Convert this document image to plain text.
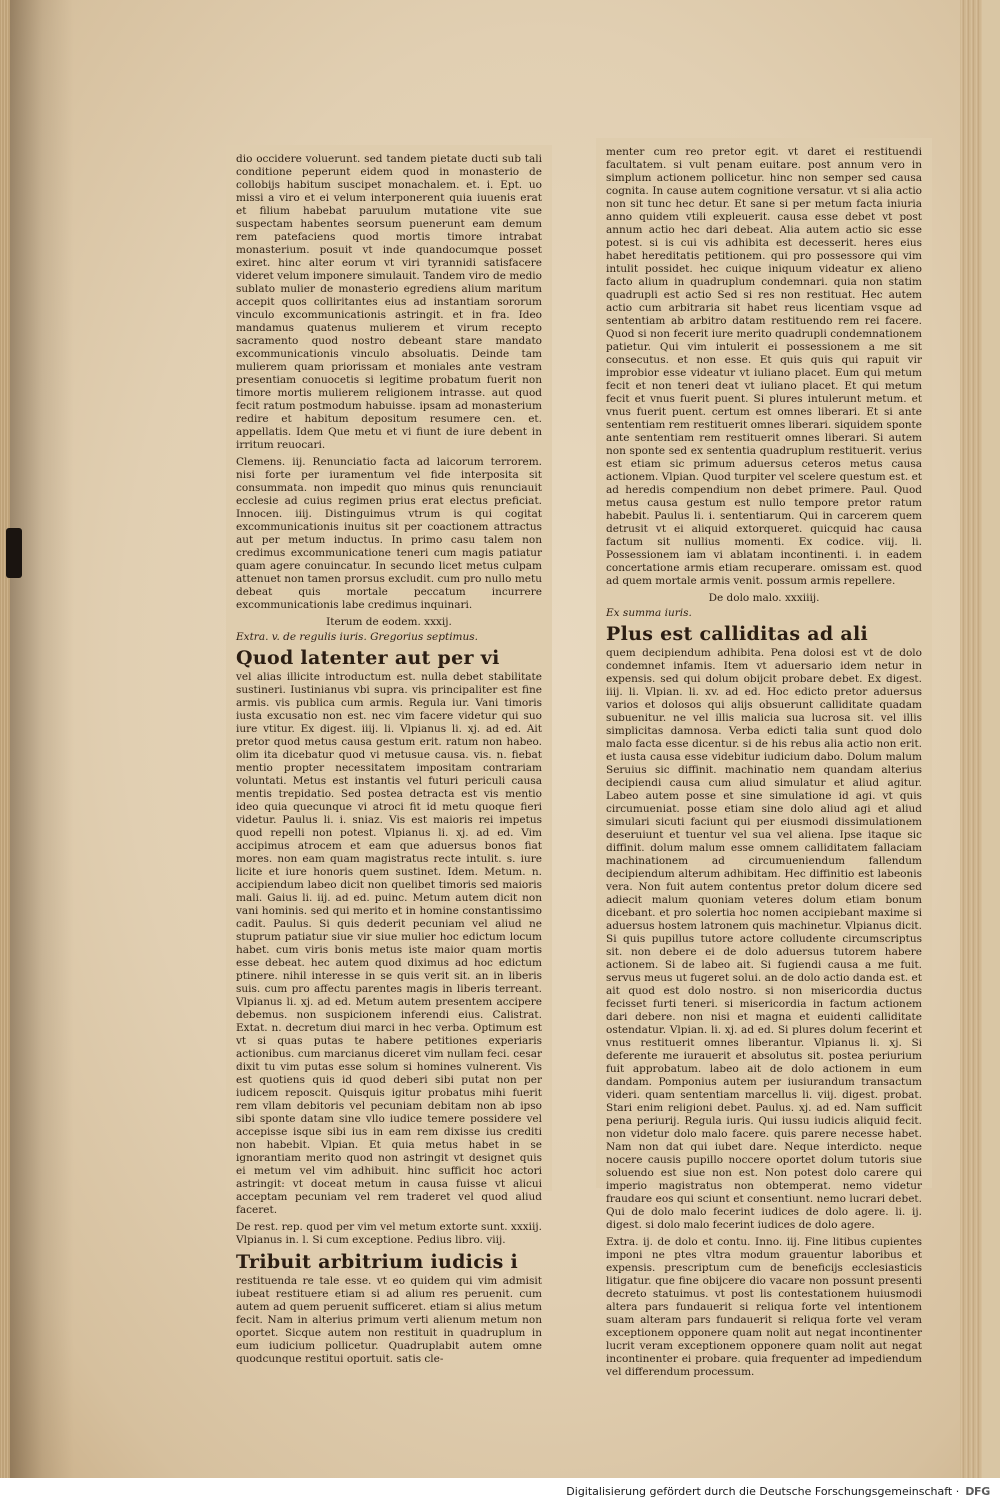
dio occidere voluerunt. sed tandem pietate ducti sub tali conditione peperunt eidem quod in monasterio de collobijs habitum suscipet monachalem. et. i. Ept. uo missi a viro et ei velum interponerent quia iuuenis erat et filium habebat paruulum mutatione vite sue suspectam habentes seorsum puenerunt eam demum rem patefaciens quod mortis timore intrabat monasterium. posuit vt inde quandocumque posset exiret. hinc alter eorum vt viri tyrannidi satisfacere videret velum imponere simulauit. Tandem viro de medio sublato mulier de monasterio egrediens alium maritum accepit quos colliritantes eius ad instantiam sororum vinculo excommunicationis astringit. et in fra. Ideo mandamus quatenus mulierem et virum recepto sacramento quod nostro debeant stare mandato excommunicationis vinculo absoluatis. Deinde tam mulierem quam priorissam et moniales ante vestram presentiam conuocetis si legitime probatum fuerit non timore mortis mulierem religionem intrasse. aut quod fecit ratum postmodum habuisse. ipsam ad monasterium redire et habitum depositum resumere cen. et. appellatis. Idem Que metu et vi fiunt de iure debent in irritum reuocari.
Clemens. iij. Renunciatio facta ad laicorum terrorem. nisi forte per iuramentum vel fide interposita sit consummata. non impedit quo minus quis renunciauit ecclesie ad cuius regimen prius erat electus preficiat. Innocen. iiij. Distinguimus vtrum is qui cogitat excommunicationis inuitus sit per coactionem attractus aut per metum inductus. In primo casu talem non credimus excommunicatione teneri cum magis patiatur quam agere conuincatur. In secundo licet metus culpam attenuet non tamen prorsus excludit. cum pro nullo metu debeat quis mortale peccatum incurrere excommunicationis labe credimus inquinari.
Iterum de eodem. xxxij.
Extra. v. de regulis iuris. Gregorius septimus.
Quod latenter aut per vi
vel alias illicite introductum est. nulla debet stabilitate sustineri. Iustinianus vbi supra. vis principaliter est fine armis. vis publica cum armis. Regula iur. Vani timoris iusta excusatio non est. nec vim facere videtur qui suo iure vtitur. Ex digest. iiij. li. Vlpianus li. xj. ad ed. Ait pretor quod metus causa gestum erit. ratum non habeo. olim ita dicebatur quod vi metusue causa. vis. n. fiebat mentio propter necessitatem impositam contrariam voluntati. Metus est instantis vel futuri periculi causa mentis trepidatio. Sed postea detracta est vis mentio ideo quia quecunque vi atroci fit id metu quoque fieri videtur. Paulus li. i. sniaz. Vis est maioris rei impetus quod repelli non potest. Vlpianus li. xj. ad ed. Vim accipimus atrocem et eam que aduersus bonos fiat mores. non eam quam magistratus recte intulit. s. iure licite et iure honoris quem sustinet. Idem. Metum. n. accipiendum labeo dicit non quelibet timoris sed maioris mali. Gaius li. iij. ad ed. puinc. Metum autem dicit non vani hominis. sed qui merito et in homine constantissimo cadit. Paulus. Si quis dederit pecuniam vel aliud ne stuprum patiatur siue vir siue mulier hoc edictum locum habet. cum viris bonis metus iste maior quam mortis esse debeat. hec autem quod diximus ad hoc edictum ptinere. nihil interesse in se quis verit sit. an in liberis suis. cum pro affectu parentes magis in liberis terreant. Vlpianus li. xj. ad ed. Metum autem presentem accipere debemus. non suspicionem inferendi eius. Calistrat. Extat. n. decretum diui marci in hec verba. Optimum est vt si quas putas te habere petitiones experiaris actionibus. cum marcianus diceret vim nullam feci. cesar dixit tu vim putas esse solum si homines vulnerent. Vis est quotiens quis id quod deberi sibi putat non per iudicem reposcit. Quisquis igitur probatus mihi fuerit rem vllam debitoris vel pecuniam debitam non ab ipso sibi sponte datam sine vllo iudice temere possidere vel accepisse isque sibi ius in eam rem dixisse ius crediti non habebit. Vlpian. Et quia metus habet in se ignorantiam merito quod non astringit vt designet quis ei metum vel vim adhibuit. hinc sufficit hoc actori astringit: vt doceat metum in causa fuisse vt alicui acceptam pecuniam vel rem traderet vel quod aliud faceret.
De rest. rep. quod per vim vel metum extorte sunt. xxxiij. Vlpianus in. l. Si cum exceptione. Pedius libro. viij.
Tribuit arbitrium iudicis i
restituenda re tale esse. vt eo quidem qui vim admisit iubeat restituere etiam si ad alium res peruenit. cum autem ad quem peruenit sufficeret. etiam si alius metum fecit. Nam in alterius primum verti alienum metum non oportet. Sicque autem non restituit in quadruplum in eum iudicium pollicetur. Quadruplabit autem omne quodcunque restitui oportuit. satis cle-
menter cum reo pretor egit. vt daret ei restituendi facultatem. si vult penam euitare. post annum vero in simplum actionem pollicetur. hinc non semper sed causa cognita. In cause autem cognitione versatur. vt si alia actio non sit tunc hec detur. Et sane si per metum facta iniuria anno quidem vtili expleuerit. causa esse debet vt post annum actio hec dari debeat. Alia autem actio sic esse potest. si is cui vis adhibita est decesserit. heres eius habet hereditatis petitionem. qui pro possessore qui vim intulit possidet. hec cuique iniquum videatur ex alieno facto alium in quadruplum condemnari. quia non statim quadrupli est actio Sed si res non restituat. Hec autem actio cum arbitraria sit habet reus licentiam vsque ad sententiam ab arbitro datam restituendo rem rei facere. Quod si non fecerit iure merito quadrupli condemnationem patietur. Qui vim intulerit ei possessionem a me sit consecutus. et non esse. Et quis quis qui rapuit vir improbior esse videatur vt iuliano placet. Eum qui metum fecit et non teneri deat vt iuliano placet. Et qui metum fecit et vnus fuerit puent. Si plures intulerunt metum. et vnus fuerit puent. certum est omnes liberari. Et si ante sententiam rem restituerit omnes liberari. siquidem sponte ante sententiam rem restituerit omnes liberari. Si autem non sponte sed ex sententia quadruplum restituerit. verius est etiam sic primum aduersus ceteros metus causa actionem. Vlpian. Quod turpiter vel scelere questum est. et ad heredis compendium non debet primere. Paul. Quod metus causa gestum est nullo tempore pretor ratum habebit. Paulus li. i. sententiarum. Qui in carcerem quem detrusit vt ei aliquid extorqueret. quicquid hac causa factum sit nullius momenti. Ex codice. viij. li. Possessionem iam vi ablatam incontinenti. i. in eadem concertatione armis etiam recuperare. omissam est. quod ad quem mortale armis venit. possum armis repellere.
De dolo malo. xxxiiij.
Ex summa iuris.
Plus est calliditas ad ali
quem decipiendum adhibita. Pena dolosi est vt de dolo condemnet infamis. Item vt aduersario idem netur in expensis. sed qui dolum obijcit probare debet. Ex digest. iiij. li. Vlpian. li. xv. ad ed. Hoc edicto pretor aduersus varios et dolosos qui alijs obsuerunt calliditate quadam subuenitur. ne vel illis malicia sua lucrosa sit. vel illis simplicitas damnosa. Verba edicti talia sunt quod dolo malo facta esse dicentur. si de his rebus alia actio non erit. et iusta causa esse videbitur iudicium dabo. Dolum malum Seruius sic diffinit. machinatio nem quandam alterius decipiendi causa cum aliud simulatur et aliud agitur. Labeo autem posse et sine simulatione id agi. vt quis circumueniat. posse etiam sine dolo aliud agi et aliud simulari sicuti faciunt qui per eiusmodi dissimulationem deseruiunt et tuentur vel sua vel aliena. Ipse itaque sic diffinit. dolum malum esse omnem calliditatem fallaciam machinationem ad circumueniendum fallendum decipiendum alterum adhibitam. Hec diffinitio est labeonis vera. Non fuit autem contentus pretor dolum dicere sed adiecit malum quoniam veteres dolum etiam bonum dicebant. et pro solertia hoc nomen accipiebant maxime si aduersus hostem latronem quis machinetur. Vlpianus dicit. Si quis pupillus tutore actore colludente circumscriptus sit. non debere ei de dolo aduersus tutorem habere actionem. Si de labeo ait. Si fugiendi causa a me fuit. servus meus ut fugeret solui. an de dolo actio danda est. et ait quod est dolo nostro. si non misericordia ductus fecisset furti teneri. si misericordia in factum actionem dari debere. non nisi et magna et euidenti calliditate ostendatur. Vlpian. li. xj. ad ed. Si plures dolum fecerint et vnus restituerit omnes liberantur. Vlpianus li. xj. Si deferente me iurauerit et absolutus sit. postea periurium fuit approbatum. labeo ait de dolo actionem in eum dandam. Pomponius autem per iusiurandum transactum videri. quam sententiam marcellus li. viij. digest. probat. Stari enim religioni debet. Paulus. xj. ad ed. Nam sufficit pena periurij. Regula iuris. Qui iussu iudicis aliquid fecit. non videtur dolo malo facere. quis parere necesse habet. Nam non dat qui iubet dare. Neque interdicto. neque nocere causis pupillo noccere oportet dolum tutoris siue soluendo est siue non est. Non potest dolo carere qui imperio magistratus non obtemperat. nemo videtur fraudare eos qui sciunt et consentiunt. nemo lucrari debet. Qui de dolo malo fecerint iudices de dolo agere. li. ij. digest. si dolo malo fecerint iudices de dolo agere.
Extra. ij. de dolo et contu. Inno. iij. Fine litibus cupientes imponi ne ptes vltra modum grauentur laboribus et expensis. prescriptum cum de beneficijs ecclesiasticis litigatur. que fine obijcere dio vacare non possunt presenti decreto statuimus. vt post lis contestationem huiusmodi altera pars fundauerit si reliqua forte vel intentionem suam alteram pars fundauerit si reliqua forte vel veram exceptionem opponere quam nolit aut negat incontinenter lucrit veram exceptionem opponere quam nolit aut negat incontinenter ei probare. quia frequenter ad impediendum vel differendum processum.
Digitalisierung gefördert durch die Deutsche Forschungsgemeinschaft · DFG
